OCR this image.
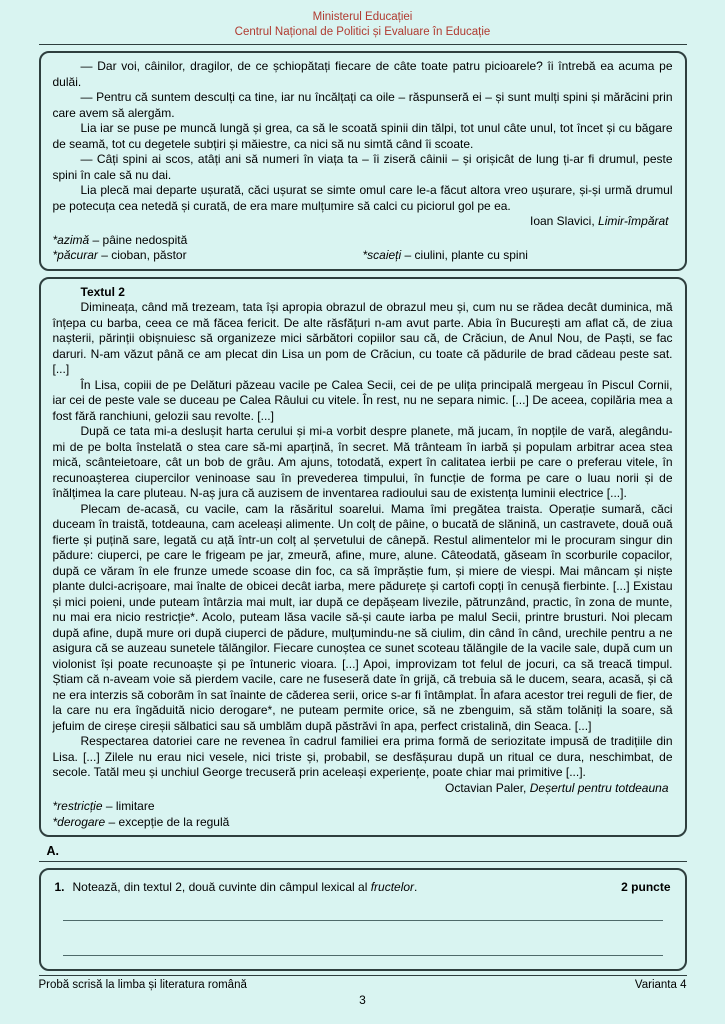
Ministerul Educației
Centrul Național de Politici și Evaluare în Educație

— Dar voi, câinilor, dragilor, de ce șchiopătați fiecare de câte toate patru picioarele? îi întrebă ea acuma pe dulăi.

— Pentru că suntem desculți ca tine, iar nu încălțați ca oile – răspunseră ei – și sunt mulți spini și mărăcini prin care avem să alergăm.

Lia iar se puse pe muncă lungă și grea, ca să le scoată spinii din tălpi, tot unul câte unul, tot încet și cu băgare de seamă, tot cu degetele subțiri și măiestre, ca nici să nu simtă când îi scoate.

— Câți spini ai scos, atâți ani să numeri în viața ta – îi ziseră câinii – și orișicât de lung ți-ar fi drumul, peste spini în cale să nu dai.

Lia plecă mai departe ușurată, căci ușurat se simte omul care le-a făcut altora vreo ușurare, și-și urmă drumul pe potecuța cea netedă și curată, de era mare mulțumire să calci cu piciorul gol pe ea.

Ioan Slavici, Limir-împărat
*azimă – pâine nedospită
*păcurar – cioban, păstor	*scaieți – ciulini, plante cu spini

Textul 2

Dimineața, când mă trezeam, tata își apropia obrazul de obrazul meu și, cum nu se rădea decât duminica, mă înțepa cu barba, ceea ce mă făcea fericit. De alte răsfățuri n-am avut parte. Abia în București am aflat că, de ziua nașterii, părinții obișnuiesc să organizeze mici sărbători copiilor sau că, de Crăciun, de Anul Nou, de Paști, se fac daruri. N-am văzut până ce am plecat din Lisa un pom de Crăciun, cu toate că pădurile de brad cădeau peste sat. [...]

În Lisa, copiii de pe Delături păzeau vacile pe Calea Secii, cei de pe ulița principală mergeau în Piscul Cornii, iar cei de peste vale se duceau pe Calea Râului cu vitele. În rest, nu ne separa nimic. [...] De aceea, copilăria mea a fost fără ranchiuni, gelozii sau revolte. [...]

După ce tata mi-a deslușit harta cerului și mi-a vorbit despre planete, mă jucam, în nopțile de vară, alegându-mi de pe bolta înstelată o stea care să-mi aparțină, în secret. Mă trânteam în iarbă și populam arbitrar acea stea mică, scânteietoare, cât un bob de grâu. Am ajuns, totodată, expert în calitatea ierbii pe care o preferau vitele, în recunoașterea ciupercilor veninoase sau în prevederea timpului, în funcție de forma pe care o luau norii și de înălțimea la care pluteau. N-aș jura că auzisem de inventarea radioului sau de existența luminii electrice [...].

Plecam de-acasă, cu vacile, cam la răsăritul soarelui. Mama îmi pregătea traista. Operație sumară, căci duceam în traistă, totdeauna, cam aceleași alimente. Un colț de pâine, o bucată de slănină, un castravete, două ouă fierte și puțină sare, legată cu ață într-un colț al șervetului de cânepă. Restul alimentelor mi le procuram singur din pădure: ciuperci, pe care le frigeam pe jar, zmeură, afine, mure, alune. Câteodată, găseam în scorburile copacilor, după ce văram în ele frunze umede scoase din foc, ca să împrăștie fum, și miere de viespi. Mai mâncam și niște plante dulci-acrișoare, mai înalte de obicei decât iarba, mere pădurețe și cartofi copți în cenușă fierbinte. [...] Existau și mici poieni, unde puteam întârzia mai mult, iar după ce depășeam livezile, pătrunzând, practic, în zona de munte, nu mai era nicio restricție*. Acolo, puteam lăsa vacile să-și caute iarba pe malul Secii, printre brusturi. Noi plecam după afine, după mure ori după ciuperci de pădure, mulțumindu-ne să ciulim, din când în când, urechile pentru a ne asigura că se auzeau sunetele tălăngilor. Fiecare cunoștea ce sunet scoteau tălăngile de la vacile sale, după cum un violonist își poate recunoaște și pe întuneric vioara. [...] Apoi, improvizam tot felul de jocuri, ca să treacă timpul. Știam că n-aveam voie să pierdem vacile, care ne fuseseră date în grijă, că trebuia să le ducem, seara, acasă, și că ne era interzis să coborâm în sat înainte de căderea serii, orice s-ar fi întâmplat. În afara acestor trei reguli de fier, de la care nu era îngăduită nicio derogare*, ne puteam permite orice, să ne zbenguim, să stăm tolăniți la soare, să jefuim de cireșe cireșii sălbatici sau să umblăm după păstrăvi în apa, perfect cristalină, din Seaca. [...]

Respectarea datoriei care ne revenea în cadrul familiei era prima formă de seriozitate impusă de tradițiile din Lisa. [...] Zilele nu erau nici vesele, nici triste și, probabil, se desfășurau după un ritual ce dura, neschimbat, de secole. Tatăl meu și unchiul George trecuseră prin aceleași experiențe, poate chiar mai primitive [...].

Octavian Paler, Deșertul pentru totdeauna
*restricție – limitare
*derogare – excepție de la regulă
A.
1. Notează, din textul 2, două cuvinte din câmpul lexical al fructelor.	2 puncte
Probă scrisă la limba și literatura română	Varianta 4
3
